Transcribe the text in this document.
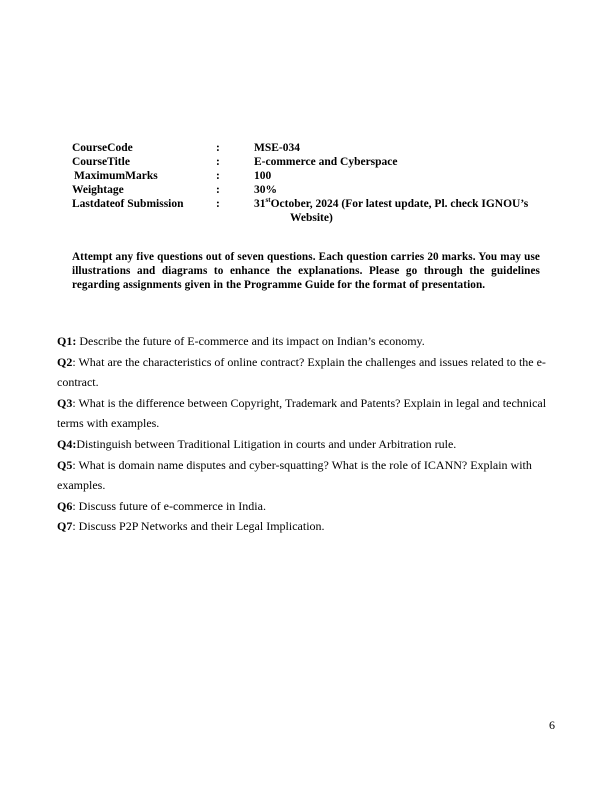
CourseCode	:	MSE-034
CourseTitle	:	E-commerce and Cyberspace
MaximumMarks	:	100
Weightage	:	30%
Lastdateof Submission	:	31stOctober, 2024 (For latest update, Pl. check IGNOU’s
Website)

Attempt any five questions out of seven questions. Each question carries 20 marks. You may use illustrations and diagrams to enhance the explanations. Please go through the guidelines regarding assignments given in the Programme Guide for the format of presentation.

Q1: Describe the future of E-commerce and its impact on Indian’s economy.

Q2: What are the characteristics of online contract? Explain the challenges and issues related to the e-contract.

Q3: What is the difference between Copyright, Trademark and Patents? Explain in legal and technical terms with examples.

Q4:Distinguish between Traditional Litigation in courts and under Arbitration rule.

Q5: What is domain name disputes and cyber-squatting? What is the role of ICANN? Explain with examples.

Q6: Discuss future of e-commerce in India.

Q7: Discuss P2P Networks and their Legal Implication.

6
